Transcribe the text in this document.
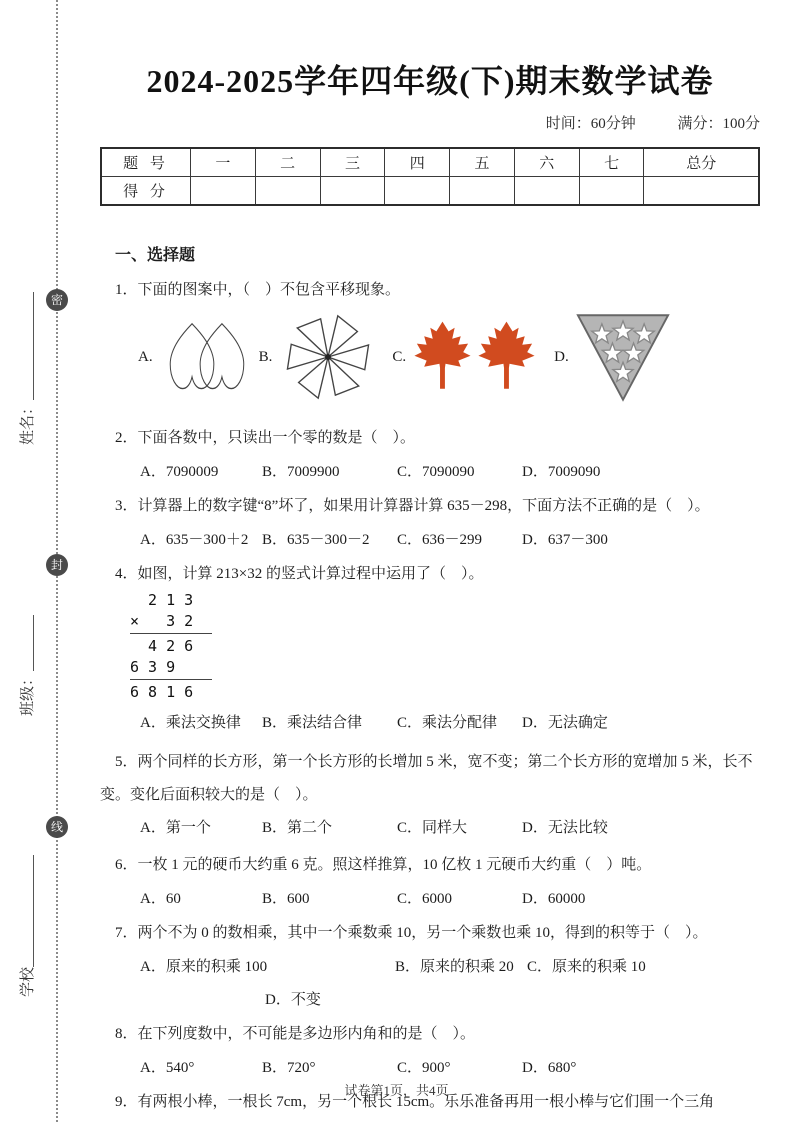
密
封
线
姓名：
班级：
学校
2024-2025学年四年级(下)期末数学试卷
时间：60分钟	满分：100分
题 号	一	二	三	四	五	六	七	总分
得 分								
一、选择题
1．下面的图案中，（　）不包含平移现象。
A.	B.	C.	D.
2．下面各数中，只读出一个零的数是（　）。
A．7090009	B．7009900	C．7090090	D．7009090
3．计算器上的数字键“8”坏了，如果用计算器计算 635－298，下面方法不正确的是（　）。
A．635－300＋2 B．635－300－2	C．636－299	D．637－300
4．如图，计算 213×32 的竖式计算过程中运用了（　）。
2 1 3
×   3 2
4 2 6
6 3 9
6 8 1 6
A．乘法交换律	B．乘法结合律	C．乘法分配律	D．无法确定
5．两个同样的长方形，第一个长方形的长增加 5 米，宽不变；第二个长方形的宽增加 5 米，长不变。变化后面积较大的是（　）。
A．第一个	B．第二个	C．同样大	D．无法比较
6．一枚 1 元的硬币大约重 6 克。照这样推算，10 亿枚 1 元硬币大约重（　）吨。
A．60	B．600	C．6000	D．60000
7．两个不为 0 的数相乘，其中一个乘数乘 10，另一个乘数也乘 10，得到的积等于（　）。
A．原来的积乘 100	B．原来的积乘 20 C．原来的积乘 10
D．不变
8．在下列度数中，不可能是多边形内角和的是（　）。
A．540°	B．720°	C．900°	D．680°
9．有两根小棒，一根长 7cm，另一个根长 15cm。乐乐准备再用一根小棒与它们围一个三角
试卷第1页，共4页
